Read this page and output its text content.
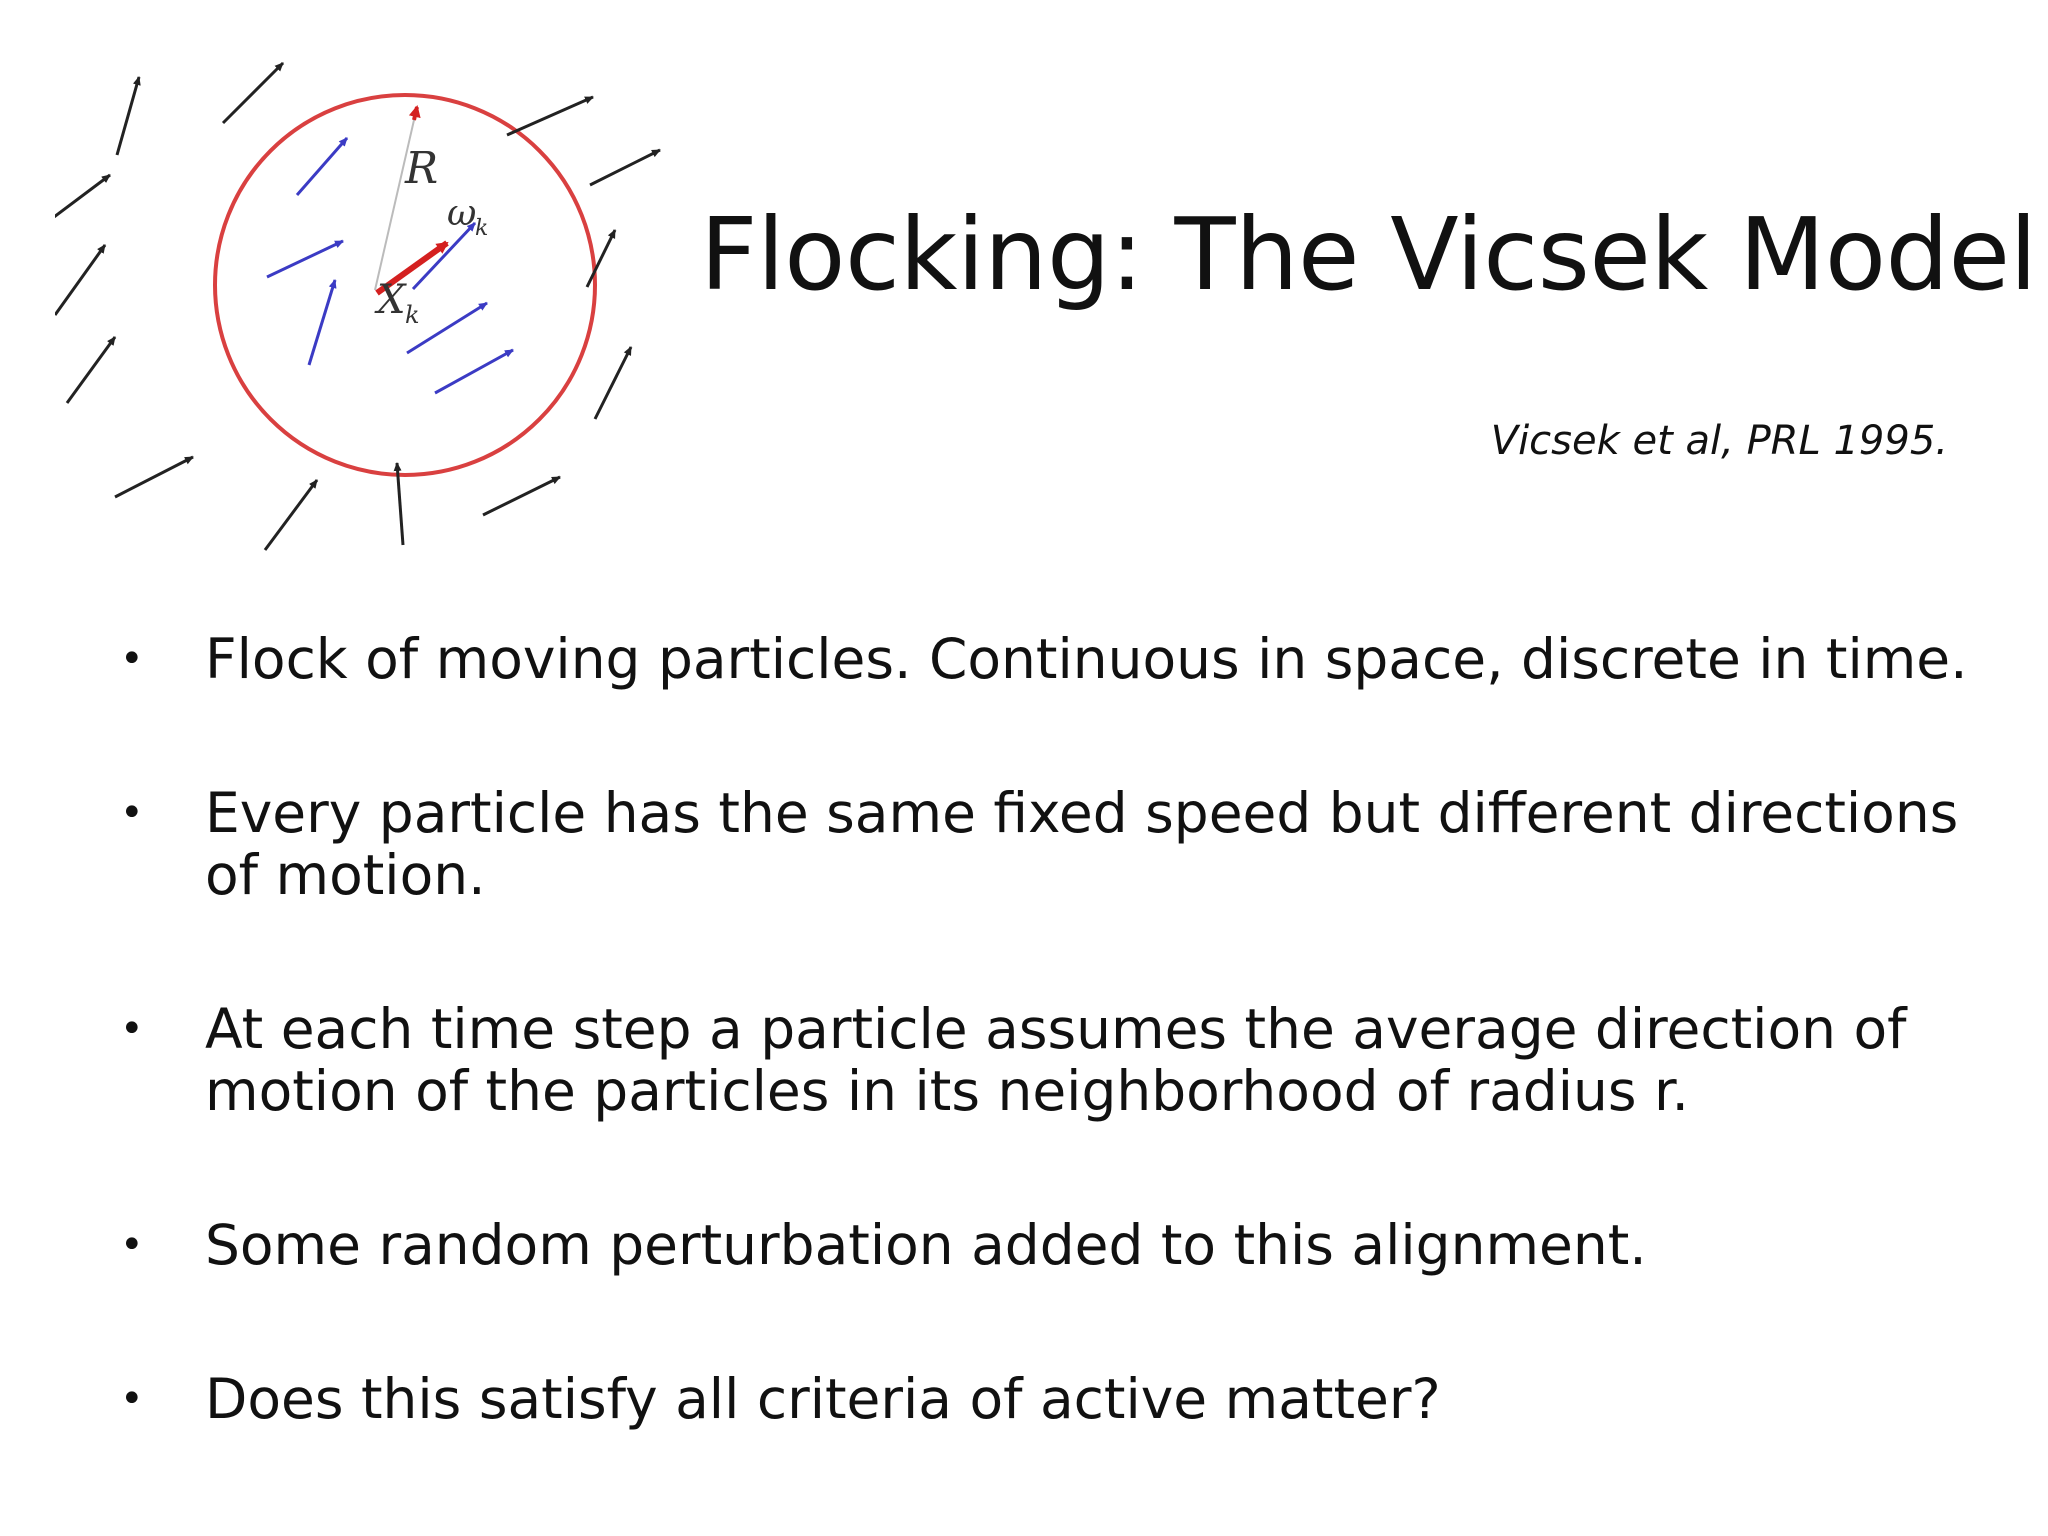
R
ω
k
X k
Flocking: The Vicsek Model
Vicsek et al, PRL 1995.
• Flock of moving particles. Continuous in space, discrete in time.
• Every particle has the same fixed speed but different directions of motion.
• At each time step a particle assumes the average direction of motion of the particles in its neighborhood of radius r.
• Some random perturbation added to this alignment.
• Does this satisfy all criteria of active matter?
